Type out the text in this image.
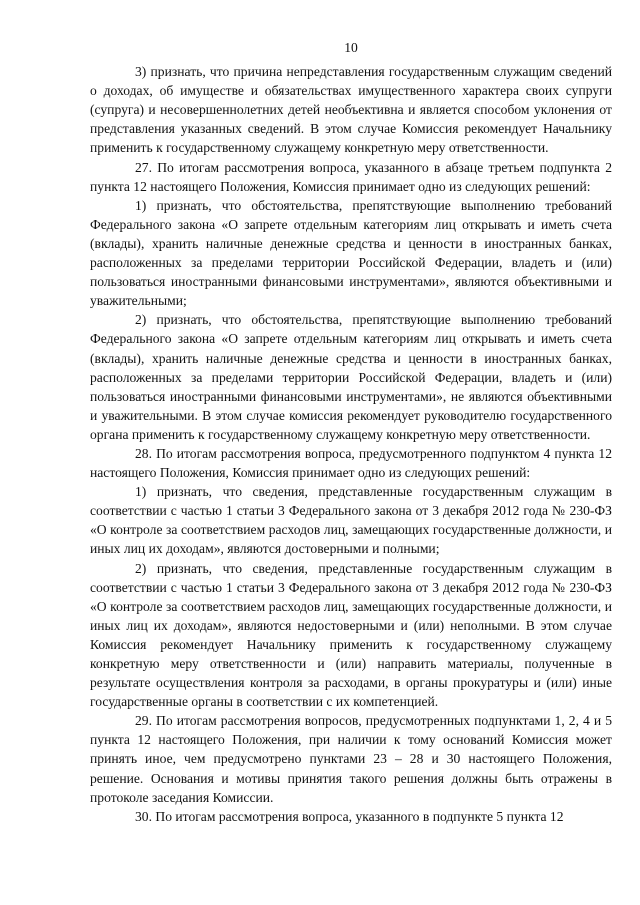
10

3) признать, что причина непредставления государственным служащим сведений о доходах, об имуществе и обязательствах имущественного характера своих супруги (супруга) и несовершеннолетних детей необъективна и является способом уклонения от представления указанных сведений. В этом случае Комиссия рекомендует Начальнику применить к государственному служащему конкретную меру ответственности.

27. По итогам рассмотрения вопроса, указанного в абзаце третьем подпункта 2 пункта 12 настоящего Положения, Комиссия принимает одно из следующих решений:

1) признать, что обстоятельства, препятствующие выполнению требований Федерального закона «О запрете отдельным категориям лиц открывать и иметь счета (вклады), хранить наличные денежные средства и ценности в иностранных банках, расположенных за пределами территории Российской Федерации, владеть и (или) пользоваться иностранными финансовыми инструментами», являются объективными и уважительными;

2) признать, что обстоятельства, препятствующие выполнению требований Федерального закона «О запрете отдельным категориям лиц открывать и иметь счета (вклады), хранить наличные денежные средства и ценности в иностранных банках, расположенных за пределами территории Российской Федерации, владеть и (или) пользоваться иностранными финансовыми инструментами», не являются объективными и уважительными. В этом случае комиссия рекомендует руководителю государственного органа применить к государственному служащему конкретную меру ответственности.

28. По итогам рассмотрения вопроса, предусмотренного подпунктом 4 пункта 12 настоящего Положения, Комиссия принимает одно из следующих решений:

1) признать, что сведения, представленные государственным служащим в соответствии с частью 1 статьи 3 Федерального закона от 3 декабря 2012 года № 230-ФЗ «О контроле за соответствием расходов лиц, замещающих государственные должности, и иных лиц их доходам», являются достоверными и полными;

2) признать, что сведения, представленные государственным служащим в соответствии с частью 1 статьи 3 Федерального закона от 3 декабря 2012 года № 230-ФЗ «О контроле за соответствием расходов лиц, замещающих государственные должности, и иных лиц их доходам», являются недостоверными и (или) неполными. В этом случае Комиссия рекомендует Начальнику применить к государственному служащему конкретную меру ответственности и (или) направить материалы, полученные в результате осуществления контроля за расходами, в органы прокуратуры и (или) иные государственные органы в соответствии с их компетенцией.

29. По итогам рассмотрения вопросов, предусмотренных подпунктами 1, 2, 4 и 5 пункта 12 настоящего Положения, при наличии к тому оснований Комиссия может принять иное, чем предусмотрено пунктами 23 – 28 и 30 настоящего Положения, решение. Основания и мотивы принятия такого решения должны быть отражены в протоколе заседания Комиссии.

30. По итогам рассмотрения вопроса, указанного в подпункте 5 пункта 12
